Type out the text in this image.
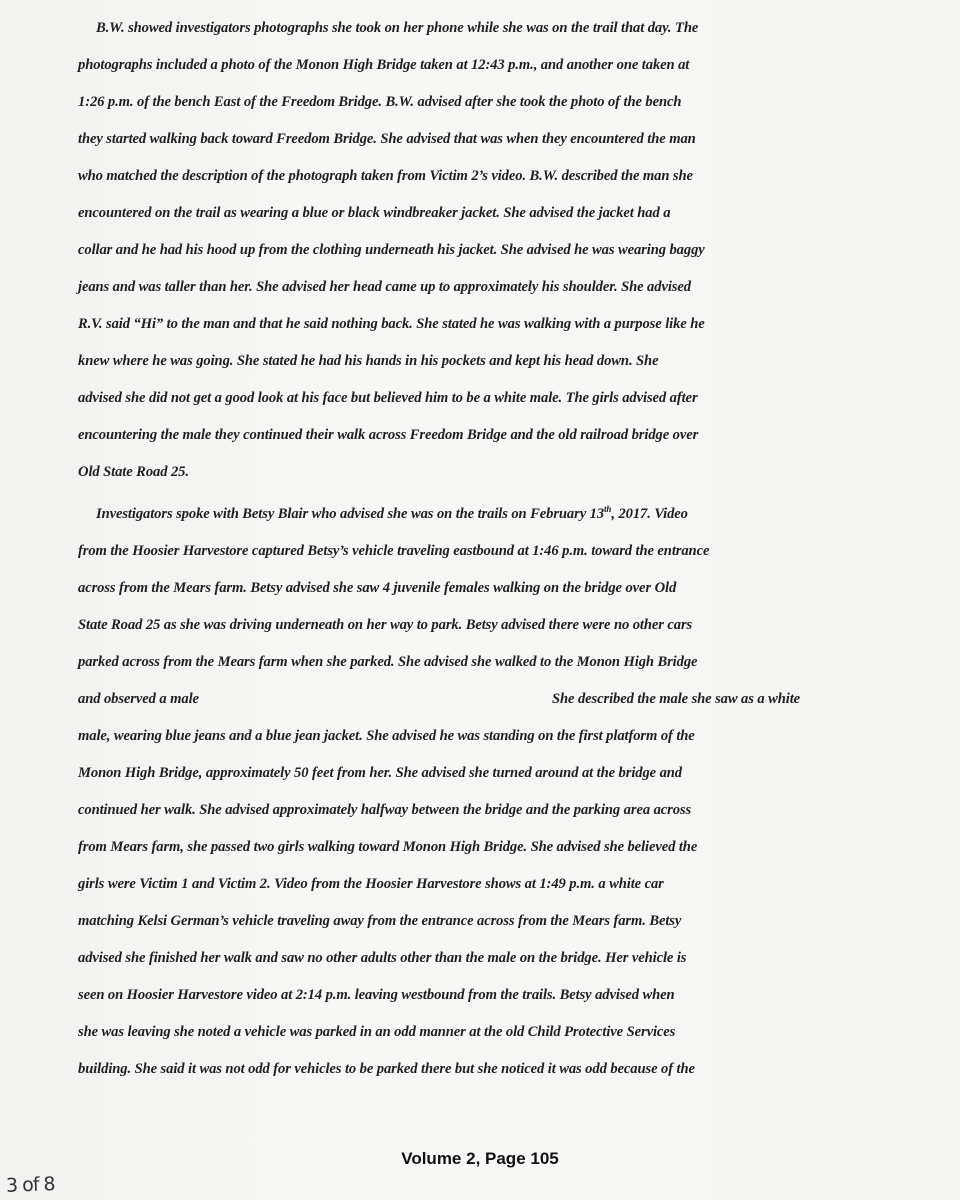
B.W. showed investigators photographs she took on her phone while she was on the trail that day. The
photographs included a photo of the Monon High Bridge taken at 12:43 p.m., and another one taken at
1:26 p.m. of the bench East of the Freedom Bridge. B.W. advised after she took the photo of the bench
they started walking back toward Freedom Bridge. She advised that was when they encountered the man
who matched the description of the photograph taken from Victim 2’s video. B.W. described the man she
encountered on the trail as wearing a blue or black windbreaker jacket. She advised the jacket had a
collar and he had his hood up from the clothing underneath his jacket. She advised he was wearing baggy
jeans and was taller than her. She advised her head came up to approximately his shoulder. She advised
R.V. said “Hi” to the man and that he said nothing back. She stated he was walking with a purpose like he
knew where he was going. She stated he had his hands in his pockets and kept his head down. She
advised she did not get a good look at his face but believed him to be a white male. The girls advised after
encountering the male they continued their walk across Freedom Bridge and the old railroad bridge over
Old State Road 25.
Investigators spoke with Betsy Blair who advised she was on the trails on February 13th, 2017. Video
from the Hoosier Harvestore captured Betsy’s vehicle traveling eastbound at 1:46 p.m. toward the entrance
across from the Mears farm. Betsy advised she saw 4 juvenile females walking on the bridge over Old
State Road 25 as she was driving underneath on her way to park. Betsy advised there were no other cars
parked across from the Mears farm when she parked. She advised she walked to the Monon High Bridge
and observed a male	She described the male she saw as a white
male, wearing blue jeans and a blue jean jacket. She advised he was standing on the first platform of the
Monon High Bridge, approximately 50 feet from her. She advised she turned around at the bridge and
continued her walk. She advised approximately halfway between the bridge and the parking area across
from Mears farm, she passed two girls walking toward Monon High Bridge. She advised she believed the
girls were Victim 1 and Victim 2. Video from the Hoosier Harvestore shows at 1:49 p.m. a white car
matching Kelsi German’s vehicle traveling away from the entrance across from the Mears farm. Betsy
advised she finished her walk and saw no other adults other than the male on the bridge. Her vehicle is
seen on Hoosier Harvestore video at 2:14 p.m. leaving westbound from the trails. Betsy advised when
she was leaving she noted a vehicle was parked in an odd manner at the old Child Protective Services
building. She said it was not odd for vehicles to be parked there but she noticed it was odd because of the
Volume 2, Page 105
3 of 8
